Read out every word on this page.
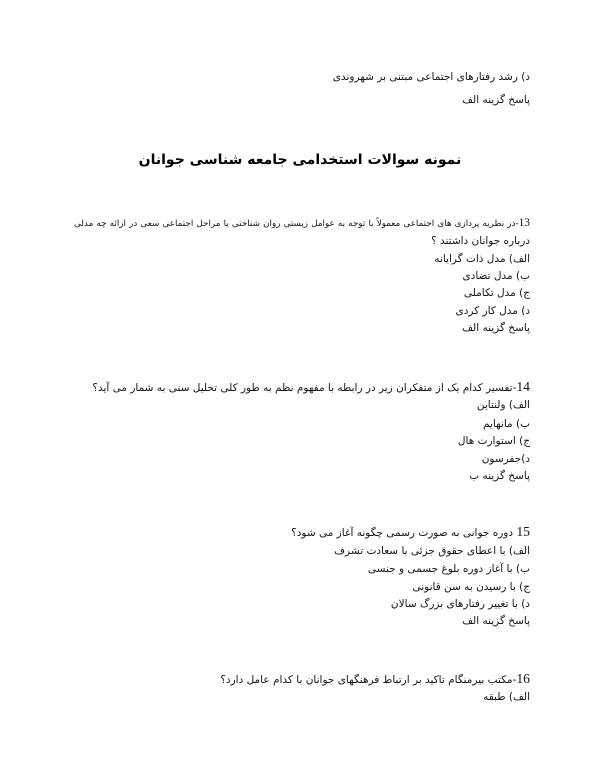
د) رشد رفتارهای اجتماعی مبتنی بر شهروندی
پاسخ گزینه الف
نمونه سوالات استخدامی جامعه شناسی جوانان
13-در نظریه پردازی های اجتماعی معمولاً با توجه به عوامل زیستی روان شناختی یا مراحل اجتماعی سعی در ارائه چه مدلی
درباره جوانان داشتند ؟
الف) مدل ذات گرایانه
ب) مدل تضادی
ج) مدل تکاملی
د) مدل کار کردی
پاسخ گزینه الف
14-تفسیر کدام یک از متفکران زیر در رابطه با مفهوم نظم به طور کلی تحلیل سنی به شمار می آید؟
الف) ولنتاین
ب) مانهایم
ج) استوارت هال
د)جفرسون
پاسخ گزینه ب
15 دوره جوانی به صورت رسمی چگونه آغاز می شود؟
الف) با اعطای حقوق جزئی با سعادت تشرف
ب) با آغاز دوره بلوغ جسمی و جنسی
ج) با رسیدن به سن قانونی
د) با تغییر رفتارهای بزرگ سالان
پاسخ گزینه الف
16-مکتب بیرمنگام تاکید بر ارتباط فرهنگهای جوانان با کدام عامل دارد؟
الف) طبقه
